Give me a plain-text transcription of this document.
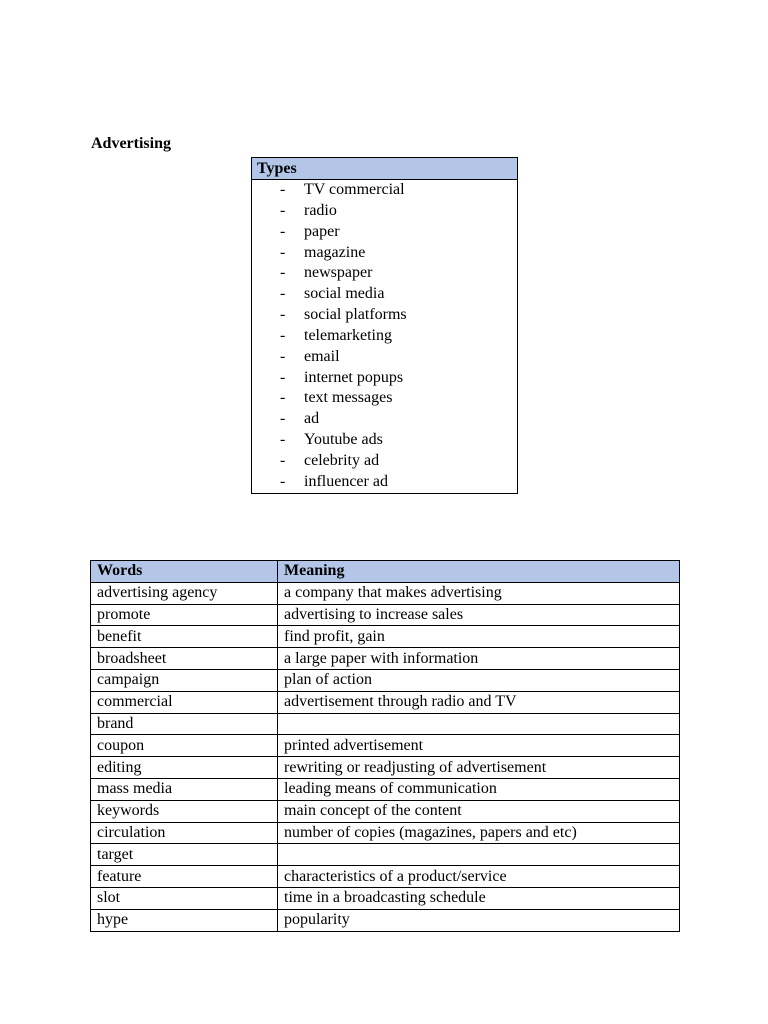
Advertising
Types
- TV commercial
- radio
- paper
- magazine
- newspaper
- social media
- social platforms
- telemarketing
- email
- internet popups
- text messages
- ad
- Youtube ads
- celebrity ad
- influencer ad
Words	Meaning
advertising agency	a company that makes advertising
promote	advertising to increase sales
benefit	find profit, gain
broadsheet	a large paper with information
campaign	plan of action
commercial	advertisement through radio and TV
brand	
coupon	printed advertisement
editing	rewriting or readjusting of advertisement
mass media	leading means of communication
keywords	main concept of the content
circulation	number of copies (magazines, papers and etc)
target	
feature	characteristics of a product/service
slot	time in a broadcasting schedule
hype	popularity
